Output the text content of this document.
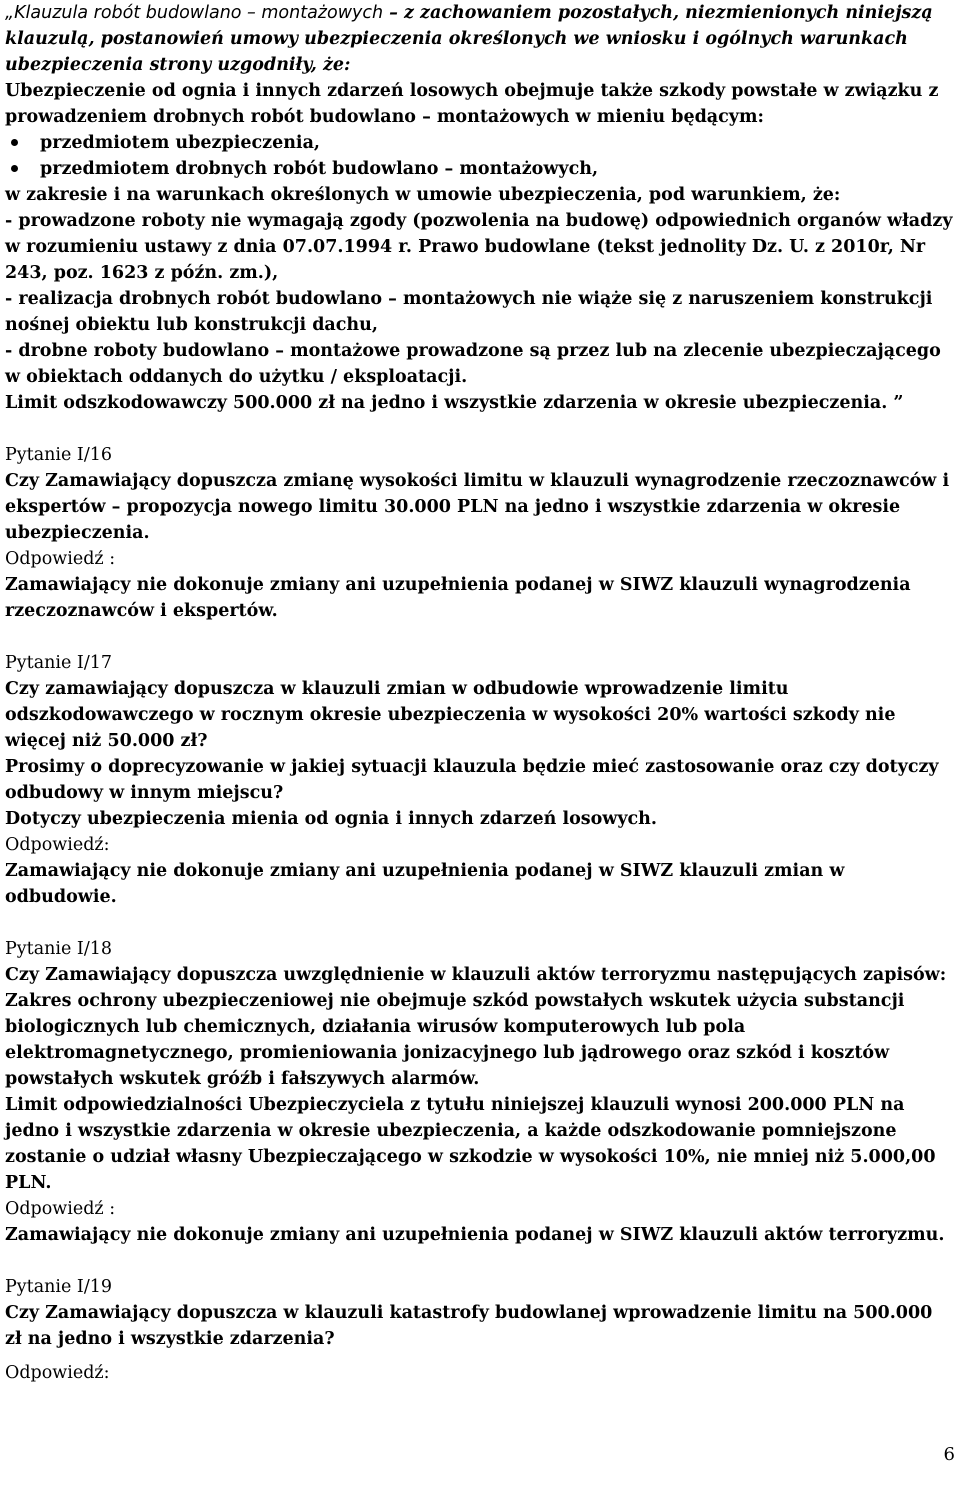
„Klauzula robót budowlano – montażowych – z zachowaniem pozostałych, niezmienionych niniejszą klauzulą, postanowień umowy ubezpieczenia określonych we wniosku i ogólnych warunkach ubezpieczenia strony uzgodniły, że:

Ubezpieczenie od ognia i innych zdarzeń losowych obejmuje także szkody powstałe w związku z prowadzeniem drobnych robót budowlano – montażowych w mieniu będącym:

przedmiotem ubezpieczenia,
przedmiotem drobnych robót budowlano – montażowych,

w zakresie i na warunkach określonych w umowie ubezpieczenia, pod warunkiem, że:

- prowadzone roboty nie wymagają zgody (pozwolenia na budowę) odpowiednich organów władzy w rozumieniu ustawy z dnia 07.07.1994 r. Prawo budowlane (tekst jednolity Dz. U. z 2010r, Nr 243, poz. 1623 z późn. zm.),

- realizacja drobnych robót budowlano – montażowych nie wiąże się z naruszeniem konstrukcji nośnej obiektu lub konstrukcji dachu,

- drobne roboty budowlano – montażowe prowadzone są przez lub na zlecenie ubezpieczającego w obiektach oddanych do użytku / eksploatacji.

Limit odszkodowawczy 500.000 zł na jedno i wszystkie zdarzenia w okresie ubezpieczenia. ”

Pytanie I/16

Czy Zamawiający dopuszcza zmianę wysokości limitu w klauzuli wynagrodzenie rzeczoznawców i ekspertów – propozycja nowego limitu 30.000 PLN na jedno i wszystkie zdarzenia w okresie ubezpieczenia.

Odpowiedź :

Zamawiający nie dokonuje zmiany ani uzupełnienia podanej w SIWZ klauzuli wynagrodzenia rzeczoznawców i ekspertów.

Pytanie I/17

Czy zamawiający dopuszcza w klauzuli zmian w odbudowie wprowadzenie limitu odszkodowawczego w rocznym okresie ubezpieczenia w wysokości 20% wartości szkody nie więcej niż 50.000 zł?

Prosimy o doprecyzowanie w jakiej sytuacji klauzula będzie mieć zastosowanie oraz czy dotyczy odbudowy w innym miejscu?

Dotyczy ubezpieczenia mienia od ognia i innych zdarzeń losowych.

Odpowiedź:

Zamawiający nie dokonuje zmiany ani uzupełnienia podanej w SIWZ klauzuli zmian w odbudowie.

Pytanie I/18

Czy Zamawiający dopuszcza uwzględnienie w klauzuli aktów terroryzmu następujących zapisów:

Zakres ochrony ubezpieczeniowej nie obejmuje szkód powstałych wskutek użycia substancji biologicznych lub chemicznych, działania wirusów komputerowych lub pola elektromagnetycznego, promieniowania jonizacyjnego lub jądrowego oraz szkód i kosztów powstałych wskutek gróźb i fałszywych alarmów.

Limit odpowiedzialności Ubezpieczyciela z tytułu niniejszej klauzuli wynosi 200.000 PLN na jedno i wszystkie zdarzenia w okresie ubezpieczenia, a każde odszkodowanie pomniejszone zostanie o udział własny Ubezpieczającego w szkodzie w wysokości 10%, nie mniej niż 5.000,00 PLN.

Odpowiedź :

Zamawiający nie dokonuje zmiany ani uzupełnienia podanej w SIWZ klauzuli aktów terroryzmu.

Pytanie I/19

Czy Zamawiający dopuszcza w klauzuli katastrofy budowlanej wprowadzenie limitu na 500.000 zł na jedno i wszystkie zdarzenia?

Odpowiedź:

6
